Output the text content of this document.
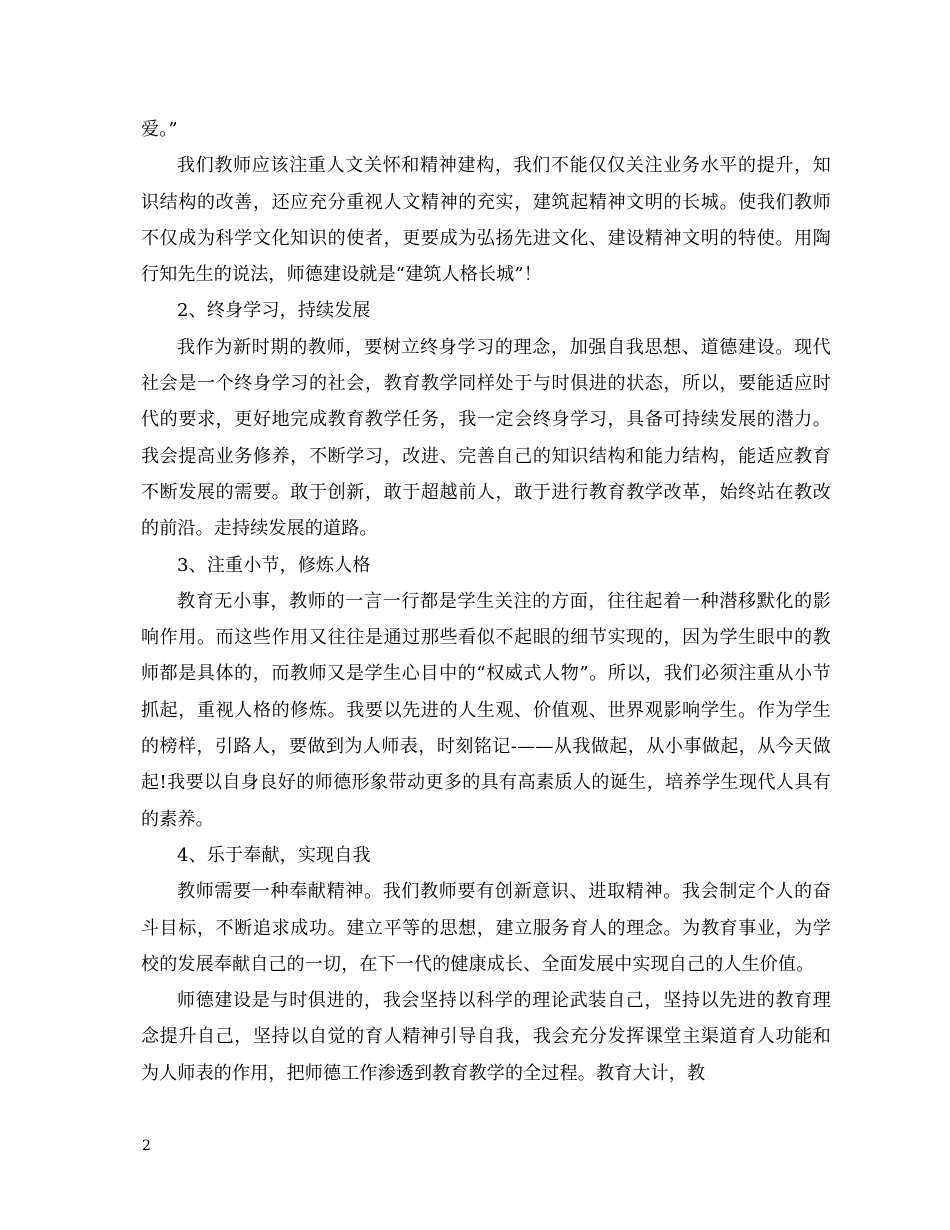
爱。”

我们教师应该注重人文关怀和精神建构，我们不能仅仅关注业务水平的提升，知识结构的改善，还应充分重视人文精神的充实，建筑起精神文明的长城。使我们教师不仅成为科学文化知识的使者，更要成为弘扬先进文化、建设精神文明的特使。用陶行知先生的说法，师德建设就是“建筑人格长城”！

2、终身学习，持续发展

我作为新时期的教师，要树立终身学习的理念，加强自我思想、道德建设。现代社会是一个终身学习的社会，教育教学同样处于与时俱进的状态，所以，要能适应时代的要求，更好地完成教育教学任务，我一定会终身学习，具备可持续发展的潜力。我会提高业务修养，不断学习，改进、完善自己的知识结构和能力结构，能适应教育不断发展的需要。敢于创新，敢于超越前人，敢于进行教育教学改革，始终站在教改的前沿。走持续发展的道路。

3、注重小节，修炼人格

教育无小事，教师的一言一行都是学生关注的方面，往往起着一种潜移默化的影响作用。而这些作用又往往是通过那些看似不起眼的细节实现的，因为学生眼中的教师都是具体的，而教师又是学生心目中的“权威式人物”。所以，我们必须注重从小节抓起，重视人格的修炼。我要以先进的人生观、价值观、世界观影响学生。作为学生的榜样，引路人，要做到为人师表，时刻铭记-——从我做起，从小事做起，从今天做起!我要以自身良好的师德形象带动更多的具有高素质人的诞生，培养学生现代人具有的素养。

4、乐于奉献，实现自我

教师需要一种奉献精神。我们教师要有创新意识、进取精神。我会制定个人的奋斗目标，不断追求成功。建立平等的思想，建立服务育人的理念。为教育事业，为学校的发展奉献自己的一切，在下一代的健康成长、全面发展中实现自己的人生价值。

师德建设是与时俱进的，我会坚持以科学的理论武装自己，坚持以先进的教育理念提升自己，坚持以自觉的育人精神引导自我，我会充分发挥课堂主渠道育人功能和为人师表的作用，把师德工作渗透到教育教学的全过程。教育大计，教

2
